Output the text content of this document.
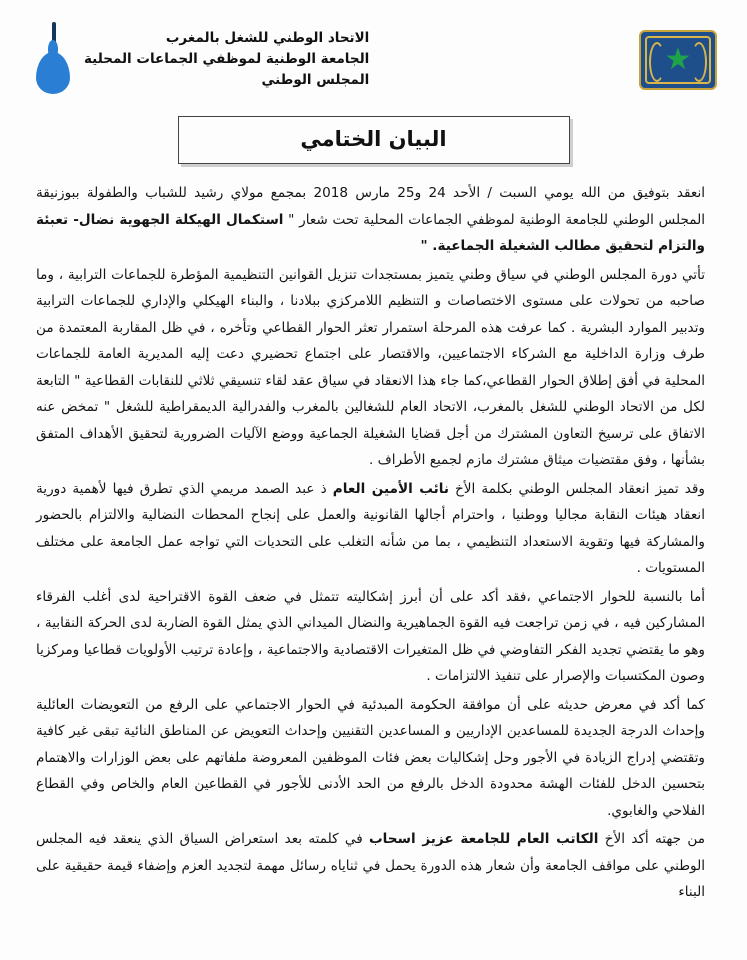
★
الاتحاد الوطني للشغل بالمغرب
الجامعة الوطنية لموظفي الجماعات المحلية
المجلس الوطني
البيان الختامي

انعقد بتوفيق من الله يومي السبت / الأحد 24 و25 مارس 2018 بمجمع مولاي رشيد للشباب والطفولة ببوزنيقة المجلس الوطني للجامعة الوطنية لموظفي الجماعات المحلية تحت شعار " استكمال الهيكلة الجهوية نضال- تعبئة والتزام لتحقيق مطالب الشغيلة الجماعية. "

تأتي دورة المجلس الوطني في سياق وطني يتميز بمستجدات تنزيل القوانين التنظيمية المؤطرة للجماعات الترابية ، وما صاحبه من تحولات على مستوى الاختصاصات و التنظيم اللامركزي ببلادنا ، والبناء الهيكلي والإداري للجماعات الترابية وتدبير الموارد البشرية . كما عرفت هذه المرحلة استمرار تعثر الحوار القطاعي وتأخره ، في ظل المقاربة المعتمدة من طرف وزارة الداخلية مع الشركاء الاجتماعيين، والاقتصار على اجتماع تحضيري دعت إليه المديرية العامة للجماعات المحلية في أفق إطلاق الحوار القطاعي،كما جاء هذا الانعقاد في سياق عقد لقاء تنسيقي ثلاثي للنقابات القطاعية " التابعة لكل من الاتحاد الوطني للشغل بالمغرب، الاتحاد العام للشغالين بالمغرب والفدرالية الديمقراطية للشغل " تمخض عنه الاتفاق على ترسيخ التعاون المشترك من أجل قضايا الشغيلة الجماعية ووضع الآليات الضرورية لتحقيق الأهداف المتفق بشأنها ، وفق مقتضيات ميثاق مشترك مازم لجميع الأطراف .

وقد تميز انعقاد المجلس الوطني بكلمة الأخ نائب الأمين العام ذ عبد الصمد مريمي الذي تطرق فيها لأهمية دورية انعقاد هيئات النقابة مجاليا ووطنيا ، واحترام أجالها القانونية والعمل على إنجاح المحطات النضالية والالتزام بالحضور والمشاركة فيها وتقوية الاستعداد التنظيمي ، بما من شأنه التغلب على التحديات التي تواجه عمل الجامعة على مختلف المستويات .

أما بالنسبة للحوار الاجتماعي ،فقد أكد على أن أبرز إشكاليته تتمثل في ضعف القوة الاقتراحية لدى أغلب الفرقاء المشاركين فيه ، في زمن تراجعت فيه القوة الجماهيرية والنضال الميداني الذي يمثل القوة الضاربة لدى الحركة النقابية ، وهو ما يقتضي تجديد الفكر التفاوضي في ظل المتغيرات الاقتصادية والاجتماعية ، وإعادة ترتيب الأولويات قطاعيا ومركزيا وصون المكتسبات والإصرار على تنفيذ الالتزامات .

كما أكد في معرض حديثه على أن موافقة الحكومة المبدئية في الحوار الاجتماعي على الرفع من التعويضات العائلية وإحداث الدرجة الجديدة للمساعدين الإداريين و المساعدين التقنيين وإحداث التعويض عن المناطق النائية تبقى غير كافية وتقتضي إدراج الزيادة في الأجور وحل إشكاليات بعض فئات الموظفين المعروضة ملفاتهم على بعض الوزارات والاهتمام بتحسين الدخل للفئات الهشة محدودة الدخل بالرفع من الحد الأدنى للأجور في القطاعين العام والخاص وفي القطاع الفلاحي والغابوي.

من جهته أكد الأخ الكاتب العام للجامعة عزيز اسحاب في كلمته بعد استعراض السياق الذي ينعقد فيه المجلس الوطني على مواقف الجامعة وأن شعار هذه الدورة يحمل في ثناياه رسائل مهمة لتجديد العزم وإضفاء قيمة حقيقية على البناء
